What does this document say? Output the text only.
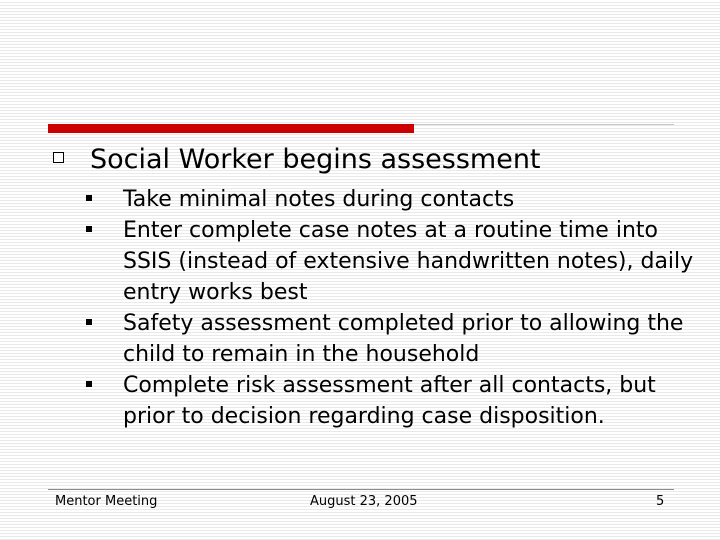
Social Worker begins assessment
Take minimal notes during contacts
Enter complete case notes at a routine time into SSIS (instead of extensive handwritten notes), daily entry works best
Safety assessment completed prior to allowing the child to remain in the household
Complete risk assessment after all contacts, but prior to decision regarding case disposition.
Mentor Meeting	August 23, 2005	5
